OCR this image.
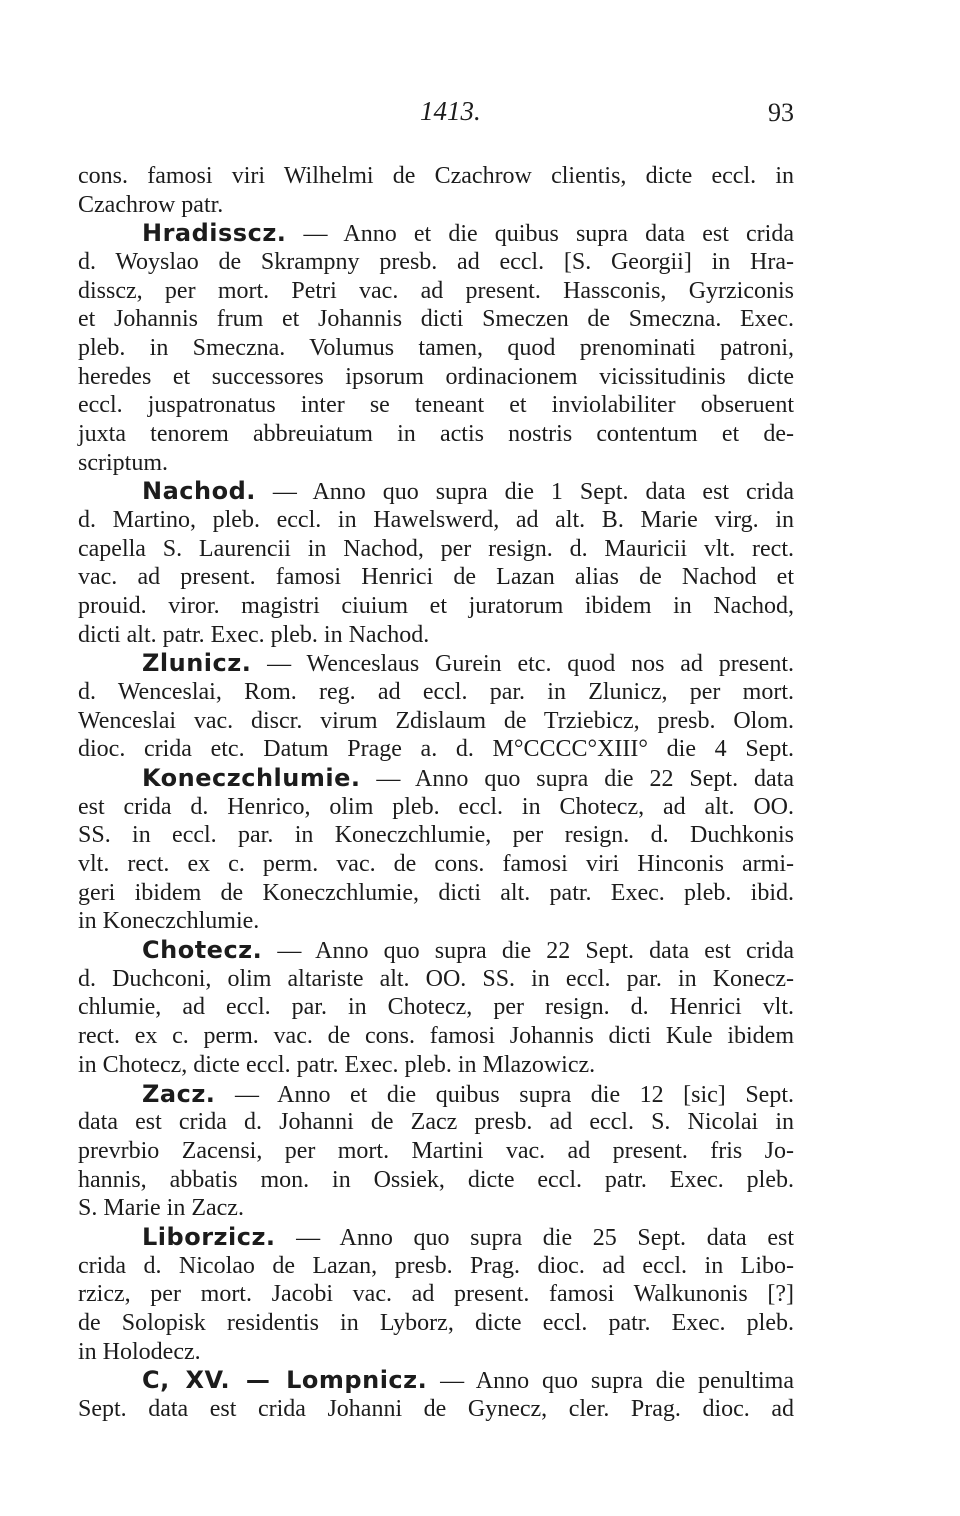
1413.	93
cons. famosi viri Wilhelmi de Czachrow clientis, dicte eccl. in
Czachrow patr.
Hradisscz. — Anno et die quibus supra data est crida
d. Woyslao de Skrampny presb. ad eccl. [S. Georgii] in Hra-
disscz, per mort. Petri vac. ad present. Hassconis, Gyrziconis
et Johannis frum et Johannis dicti Smeczen de Smeczna. Exec.
pleb. in Smeczna. Volumus tamen, quod prenominati patroni,
heredes et successores ipsorum ordinacionem vicissitudinis dicte
eccl. juspatronatus inter se teneant et inviolabiliter obseruent
juxta tenorem abbreuiatum in actis nostris contentum et de-
scriptum.
Nachod. — Anno quo supra die 1 Sept. data est crida
d. Martino, pleb. eccl. in Hawelswerd, ad alt. B. Marie virg. in
capella S. Laurencii in Nachod, per resign. d. Mauricii vlt. rect.
vac. ad present. famosi Henrici de Lazan alias de Nachod et
prouid. viror. magistri ciuium et juratorum ibidem in Nachod,
dicti alt. patr. Exec. pleb. in Nachod.
Zlunicz. — Wenceslaus Gurein etc. quod nos ad present.
d. Wenceslai, Rom. reg. ad eccl. par. in Zlunicz, per mort.
Wenceslai vac. discr. virum Zdislaum de Trziebicz, presb. Olom.
dioc. crida etc. Datum Prage a. d. M°CCCC°XIII° die 4 Sept.
Koneczchlumie. — Anno quo supra die 22 Sept. data
est crida d. Henrico, olim pleb. eccl. in Chotecz, ad alt. OO.
SS. in eccl. par. in Koneczchlumie, per resign. d. Duchkonis
vlt. rect. ex c. perm. vac. de cons. famosi viri Hinconis armi-
geri ibidem de Koneczchlumie, dicti alt. patr. Exec. pleb. ibid.
in Koneczchlumie.
Chotecz. — Anno quo supra die 22 Sept. data est crida
d. Duchconi, olim altariste alt. OO. SS. in eccl. par. in Konecz-
chlumie, ad eccl. par. in Chotecz, per resign. d. Henrici vlt.
rect. ex c. perm. vac. de cons. famosi Johannis dicti Kule ibidem
in Chotecz, dicte eccl. patr. Exec. pleb. in Mlazowicz.
Zacz. — Anno et die quibus supra die 12 [sic] Sept.
data est crida d. Johanni de Zacz presb. ad eccl. S. Nicolai in
prevrbio Zacensi, per mort. Martini vac. ad present. fris Jo-
hannis, abbatis mon. in Ossiek, dicte eccl. patr. Exec. pleb.
S. Marie in Zacz.
Liborzicz. — Anno quo supra die 25 Sept. data est
crida d. Nicolao de Lazan, presb. Prag. dioc. ad eccl. in Libo-
rzicz, per mort. Jacobi vac. ad present. famosi Walkunonis [?]
de Solopisk residentis in Lyborz, dicte eccl. patr. Exec. pleb.
in Holodecz.
C, XV. — Lompnicz. — Anno quo supra die penultima
Sept. data est crida Johanni de Gynecz, cler. Prag. dioc. ad
